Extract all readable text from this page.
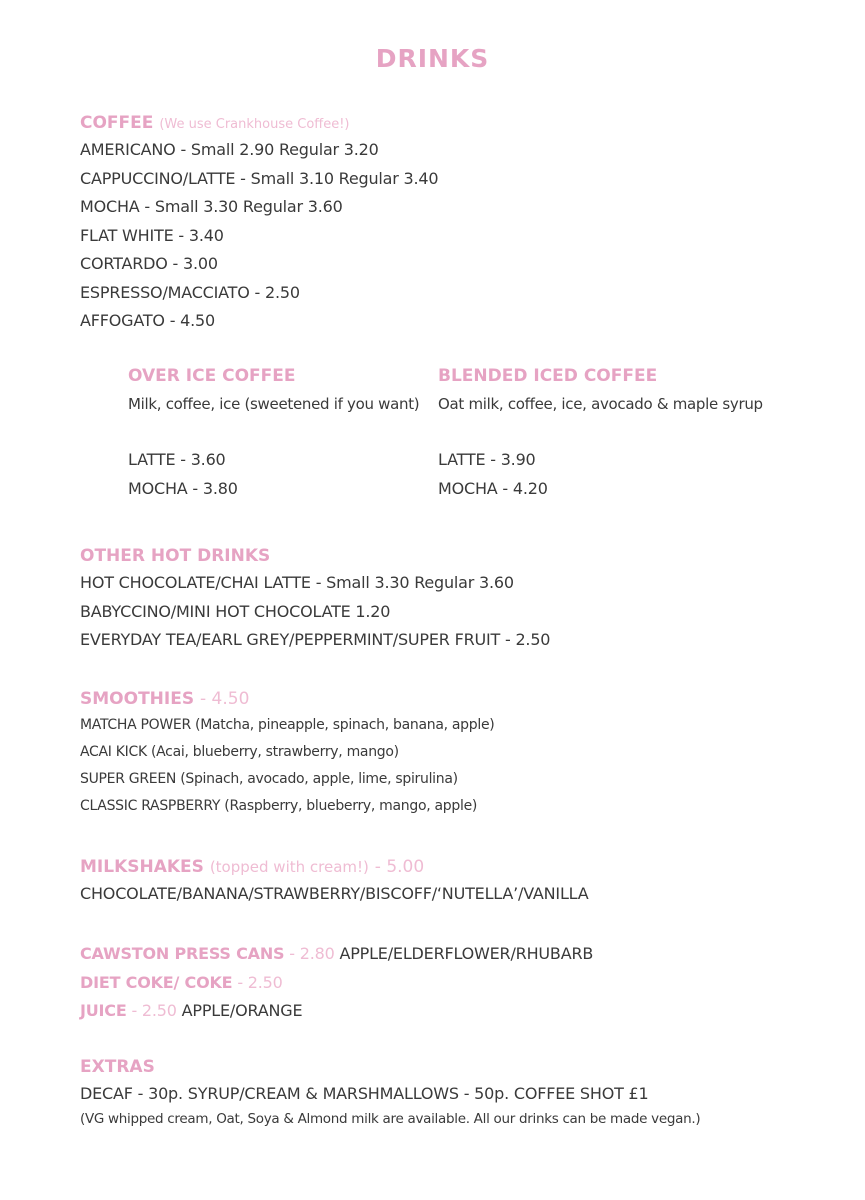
DRINKS
COFFEE (We use Crankhouse Coffee!)
AMERICANO - Small 2.90 Regular 3.20
CAPPUCCINO/LATTE - Small 3.10 Regular 3.40
MOCHA - Small 3.30 Regular 3.60
FLAT WHITE - 3.40
CORTARDO - 3.00
ESPRESSO/MACCIATO - 2.50
AFFOGATO - 4.50
OVER ICE COFFEE
Milk, coffee, ice (sweetened if you want)
LATTE - 3.60
MOCHA - 3.80
BLENDED ICED COFFEE
Oat milk, coffee, ice, avocado & maple syrup
LATTE - 3.90
MOCHA - 4.20
OTHER HOT DRINKS
HOT CHOCOLATE/CHAI LATTE - Small 3.30 Regular 3.60
BABYCCINO/MINI HOT CHOCOLATE 1.20
EVERYDAY TEA/EARL GREY/PEPPERMINT/SUPER FRUIT - 2.50
SMOOTHIES - 4.50
MATCHA POWER (Matcha, pineapple, spinach, banana, apple)
ACAI KICK (Acai, blueberry, strawberry, mango)
SUPER GREEN (Spinach, avocado, apple, lime, spirulina)
CLASSIC RASPBERRY (Raspberry, blueberry, mango, apple)
MILKSHAKES (topped with cream!) - 5.00
CHOCOLATE/BANANA/STRAWBERRY/BISCOFF/‘NUTELLA’/VANILLA
CAWSTON PRESS CANS - 2.80 APPLE/ELDERFLOWER/RHUBARB
DIET COKE/ COKE - 2.50
JUICE - 2.50 APPLE/ORANGE
EXTRAS
DECAF - 30p. SYRUP/CREAM & MARSHMALLOWS - 50p. COFFEE SHOT £1
(VG whipped cream, Oat, Soya & Almond milk are available. All our drinks can be made vegan.)
